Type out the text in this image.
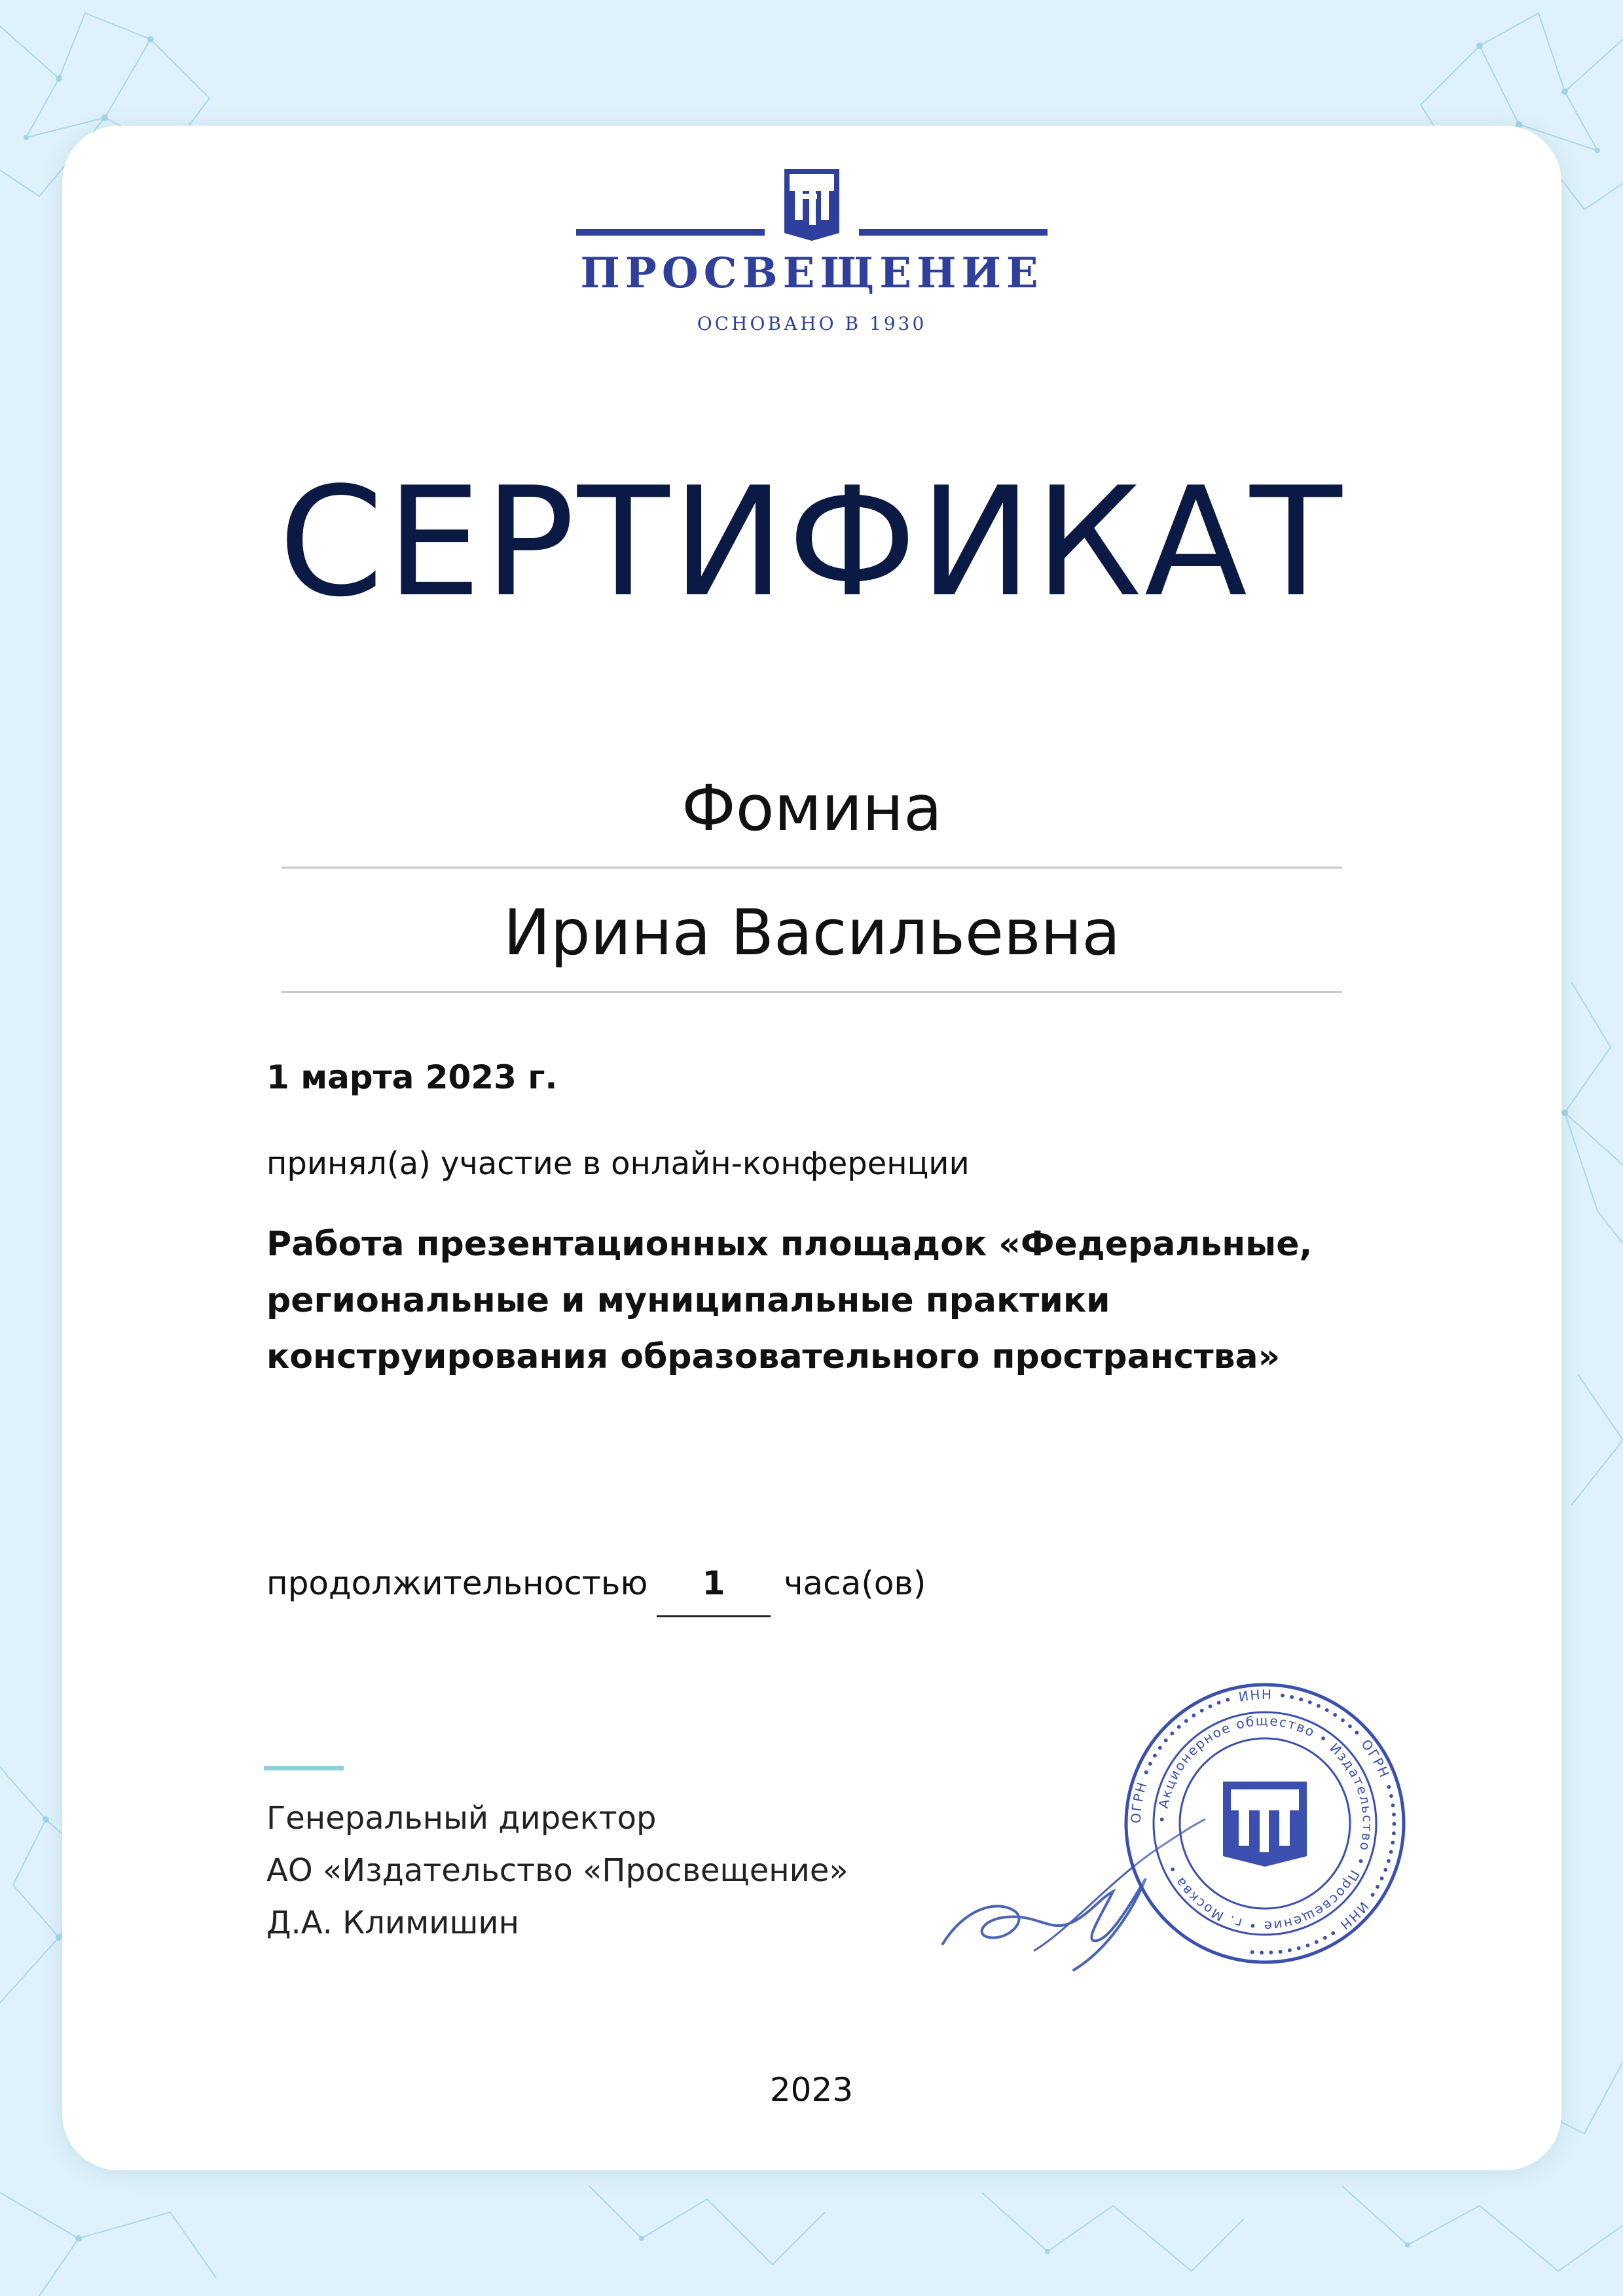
ПРОСВЕЩЕНИЕ
ОСНОВАНО В 1930
СЕРТИФИКАТ
Фомина
Ирина Васильевна
1 марта 2023 г.
принял(а) участие в онлайн-конференции
Работа презентационных площадок «Федеральные,
региональные и муниципальные практики
конструирования образовательного пространства»
продолжительностью	1	часа(ов)
Генеральный директор
АО «Издательство «Просвещение»
Д.А. Климишин
ОГРН ••••••••••••• ИНН •••••••••• ОГРН ••••••••••••• ИНН ••••••••••
• Акционерное общество • Издательство • Просвещение • г. Москва •
2023
